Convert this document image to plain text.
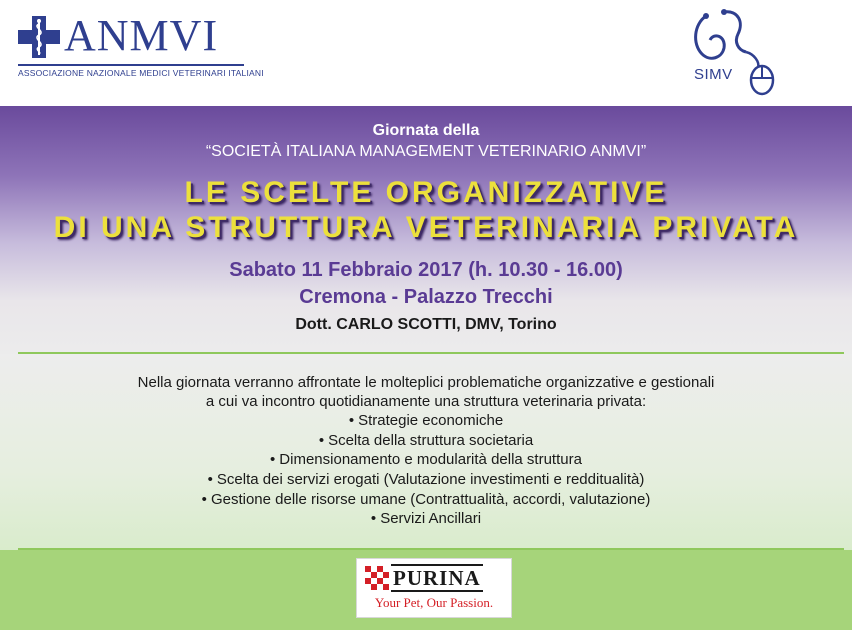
ANMVI
ASSOCIAZIONE NAZIONALE MEDICI VETERINARI ITALIANI	SIMV
Giornata della
“SOCIETÀ ITALIANA MANAGEMENT VETERINARIO ANMVI”
LE SCELTE ORGANIZZATIVE
DI UNA STRUTTURA VETERINARIA PRIVATA
Sabato 11 Febbraio 2017 (h. 10.30 - 16.00)
Cremona - Palazzo Trecchi
Dott. CARLO SCOTTI, DMV, Torino
Nella giornata verranno affrontate le molteplici problematiche organizzative e gestionali
a cui va incontro quotidianamente una struttura veterinaria privata:
• Strategie economiche
• Scelta della struttura societaria
• Dimensionamento e modularità della struttura
• Scelta dei servizi erogati (Valutazione investimenti e redditualità)
• Gestione delle risorse umane (Contrattualità, accordi, valutazione)
• Servizi Ancillari
PURINA
Your Pet, Our Passion.
